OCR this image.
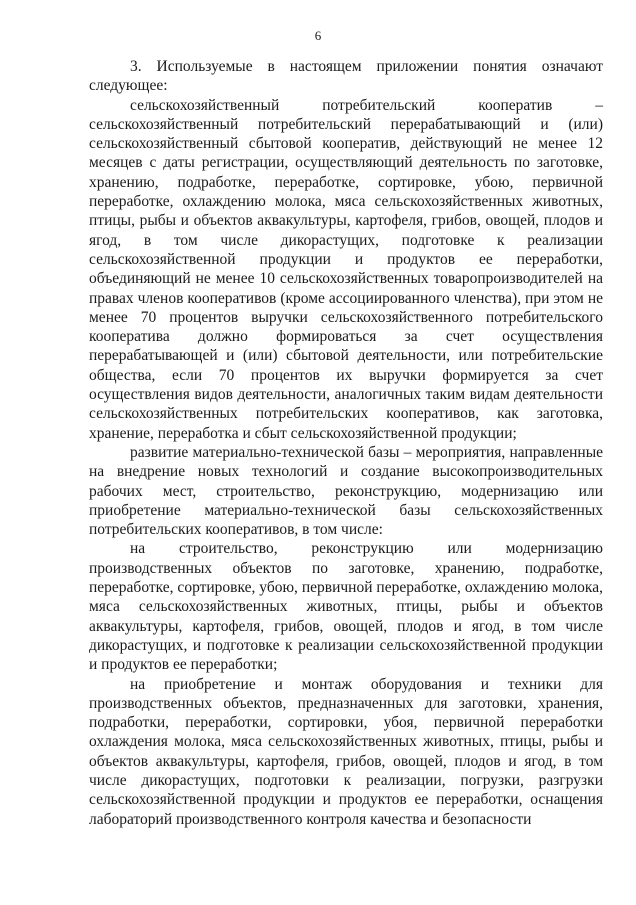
6

3. Используемые в настоящем приложении понятия означают следующее:

сельскохозяйственный потребительский кооператив – сельскохозяйственный потребительский перерабатывающий и (или) сельскохозяйственный сбытовой кооператив, действующий не менее 12 месяцев с даты регистрации, осуществляющий деятельность по заготовке, хранению, подработке, переработке, сортировке, убою, первичной переработке, охлаждению молока, мяса сельскохозяйственных животных, птицы, рыбы и объектов аквакультуры, картофеля, грибов, овощей, плодов и ягод, в том числе дикорастущих, подготовке к реализации сельскохозяйственной продукции и продуктов ее переработки, объединяющий не менее 10 сельскохозяйственных товаропроизводителей на правах членов кооперативов (кроме ассоциированного членства), при этом не менее 70 процентов выручки сельскохозяйственного потребительского кооператива должно формироваться за счет осуществления перерабатывающей и (или) сбытовой деятельности, или потребительские общества, если 70 процентов их выручки формируется за счет осуществления видов деятельности, аналогичных таким видам деятельности сельскохозяйственных потребительских кооперативов, как заготовка, хранение, переработка и сбыт сельскохозяйственной продукции;

развитие материально-технической базы – мероприятия, направленные на внедрение новых технологий и создание высокопроизводительных рабочих мест, строительство, реконструкцию, модернизацию или приобретение материально-технической базы сельскохозяйственных потребительских кооперативов, в том числе:

на строительство, реконструкцию или модернизацию производственных объектов по заготовке, хранению, подработке, переработке, сортировке, убою, первичной переработке, охлаждению молока, мяса сельскохозяйственных животных, птицы, рыбы и объектов аквакультуры, картофеля, грибов, овощей, плодов и ягод, в том числе дикорастущих, и подготовке к реализации сельскохозяйственной продукции и продуктов ее переработки;

на приобретение и монтаж оборудования и техники для производственных объектов, предназначенных для заготовки, хранения, подработки, переработки, сортировки, убоя, первичной переработки охлаждения молока, мяса сельскохозяйственных животных, птицы, рыбы и объектов аквакультуры, картофеля, грибов, овощей, плодов и ягод, в том числе дикорастущих, подготовки к реализации, погрузки, разгрузки сельскохозяйственной продукции и продуктов ее переработки, оснащения лабораторий производственного контроля качества и безопасности
